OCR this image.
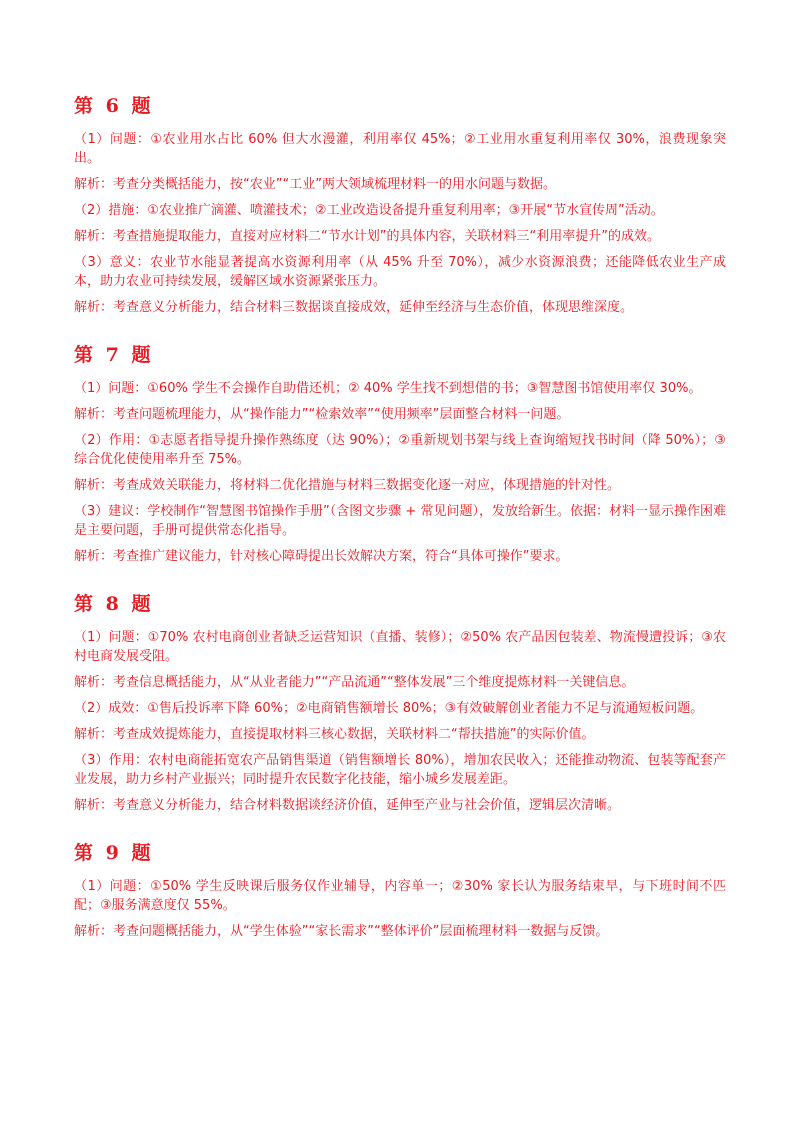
第 6 题

（1）问题：①农业用水占比 60% 但大水漫灌，利用率仅 45%；②工业用水重复利用率仅 30%，浪费现象突出。

解析：考查分类概括能力，按“农业”“工业”两大领域梳理材料一的用水问题与数据。

（2）措施：①农业推广滴灌、喷灌技术；②工业改造设备提升重复利用率；③开展“节水宣传周”活动。

解析：考查措施提取能力，直接对应材料二“节水计划”的具体内容，关联材料三“利用率提升”的成效。

（3）意义：农业节水能显著提高水资源利用率（从 45% 升至 70%），减少水资源浪费；还能降低农业生产成本，助力农业可持续发展，缓解区域水资源紧张压力。

解析：考查意义分析能力，结合材料三数据谈直接成效，延伸至经济与生态价值，体现思维深度。

第 7 题

（1）问题：①60% 学生不会操作自助借还机；② 40% 学生找不到想借的书；③智慧图书馆使用率仅 30%。

解析：考查问题梳理能力，从“操作能力”“检索效率”“使用频率”层面整合材料一问题。

（2）作用：①志愿者指导提升操作熟练度（达 90%）；②重新规划书架与线上查询缩短找书时间（降 50%）；③综合优化使使用率升至 75%。

解析：考查成效关联能力，将材料二优化措施与材料三数据变化逐一对应，体现措施的针对性。

（3）建议：学校制作“智慧图书馆操作手册”（含图文步骤 + 常见问题），发放给新生。依据：材料一显示操作困难是主要问题，手册可提供常态化指导。

解析：考查推广建议能力，针对核心障碍提出长效解决方案，符合“具体可操作”要求。

第 8 题

（1）问题：①70% 农村电商创业者缺乏运营知识（直播、装修）；②50% 农产品因包装差、物流慢遭投诉；③农村电商发展受阻。

解析：考查信息概括能力，从“从业者能力”“产品流通”“整体发展”三个维度提炼材料一关键信息。

（2）成效：①售后投诉率下降 60%；②电商销售额增长 80%；③有效破解创业者能力不足与流通短板问题。

解析：考查成效提炼能力，直接提取材料三核心数据，关联材料二“帮扶措施”的实际价值。

（3）作用：农村电商能拓宽农产品销售渠道（销售额增长 80%），增加农民收入；还能推动物流、包装等配套产业发展，助力乡村产业振兴；同时提升农民数字化技能，缩小城乡发展差距。

解析：考查意义分析能力，结合材料数据谈经济价值，延伸至产业与社会价值，逻辑层次清晰。

第 9 题

（1）问题：①50% 学生反映课后服务仅作业辅导，内容单一；②30% 家长认为服务结束早，与下班时间不匹配；③服务满意度仅 55%。

解析：考查问题概括能力，从“学生体验”“家长需求”“整体评价”层面梳理材料一数据与反馈。
